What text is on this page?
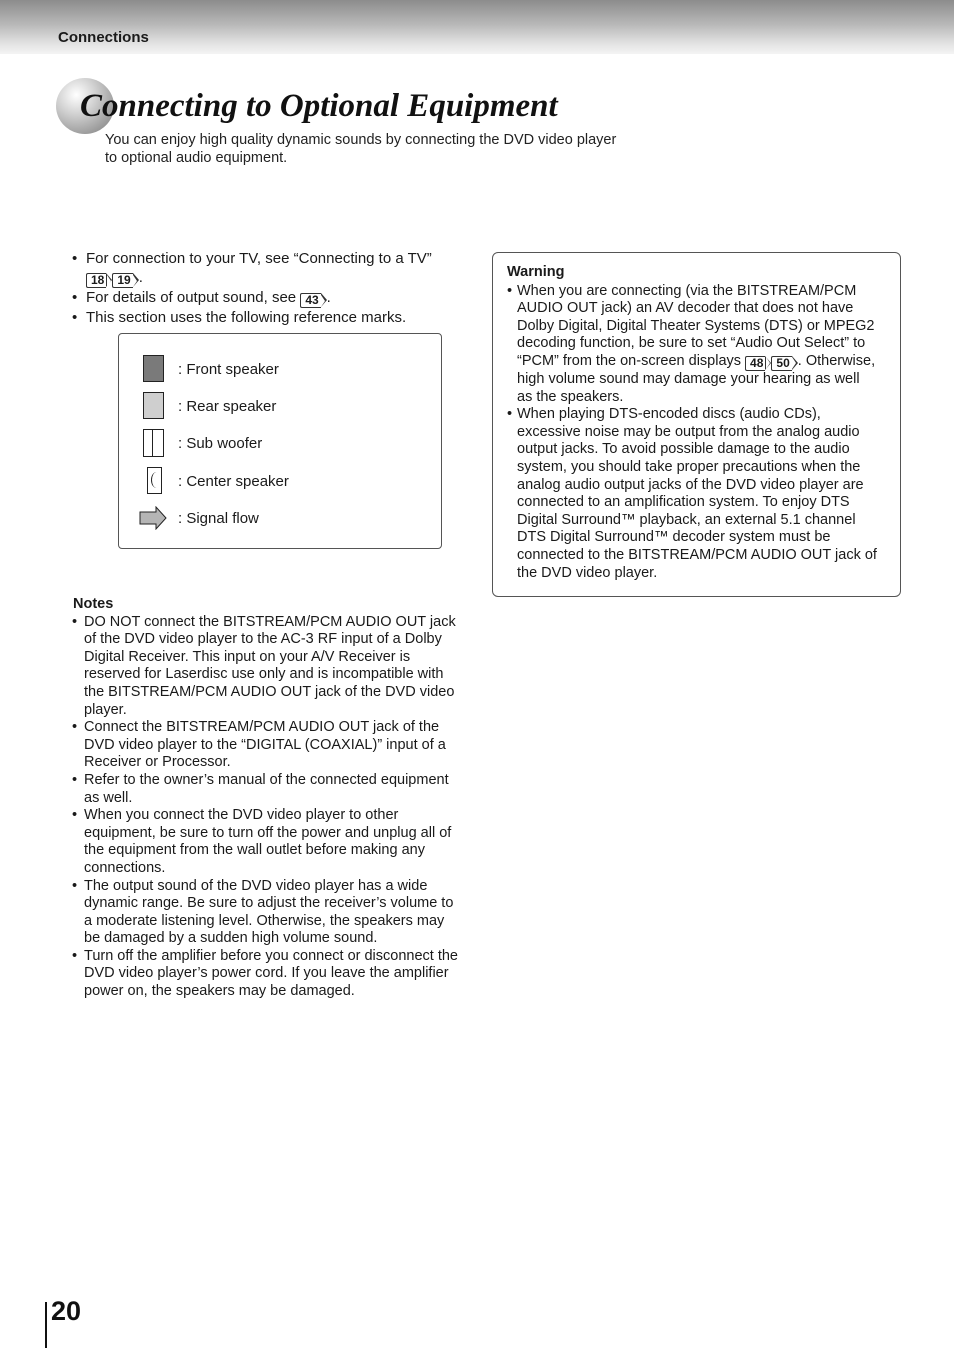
Connections
Connecting to Optional Equipment
You can enjoy high quality dynamic sounds by connecting the DVD video player
to optional audio equipment.
• For connection to your TV, see “Connecting to a TV”

18 19 .
• For details of output sound, see 43 .
• This section uses the following reference marks.
: Front speaker
: Rear speaker
: Sub woofer
: Center speaker
: Signal flow
Notes
• DO NOT connect the BITSTREAM/PCM AUDIO OUT jack
of the DVD video player to the AC-3 RF input of a Dolby
Digital Receiver. This input on your A/V Receiver is
reserved for Laserdisc use only and is incompatible with
the BITSTREAM/PCM AUDIO OUT jack of the DVD video
player.
• Connect the BITSTREAM/PCM AUDIO OUT jack of the
DVD video player to the “DIGITAL (COAXIAL)” input of a
Receiver or Processor.
• Refer to the owner’s manual of the connected equipment
as well.
• When you connect the DVD video player to other
equipment, be sure to turn off the power and unplug all of
the equipment from the wall outlet before making any
connections.
• The output sound of the DVD video player has a wide
dynamic range. Be sure to adjust the receiver’s volume to
a moderate listening level. Otherwise, the speakers may
be damaged by a sudden high volume sound.
• Turn off the amplifier before you connect or disconnect the
DVD video player’s power cord. If you leave the amplifier
power on, the speakers may be damaged.
Warning
• When you are connecting (via the BITSTREAM/PCM
AUDIO OUT jack) an AV decoder that does not have
Dolby Digital, Digital Theater Systems (DTS) or MPEG2
decoding function, be sure to set “Audio Out Select” to
“PCM” from the on-screen displays 48 50 . Otherwise,
high volume sound may damage your hearing as well
as the speakers.
• When playing DTS-encoded discs (audio CDs),
excessive noise may be output from the analog audio
output jacks. To avoid possible damage to the audio
system, you should take proper precautions when the
analog audio output jacks of the DVD video player are
connected to an amplification system. To enjoy DTS
Digital Surround™ playback, an external 5.1 channel
DTS Digital Surround™ decoder system must be
connected to the BITSTREAM/PCM AUDIO OUT jack of
the DVD video player.
20
